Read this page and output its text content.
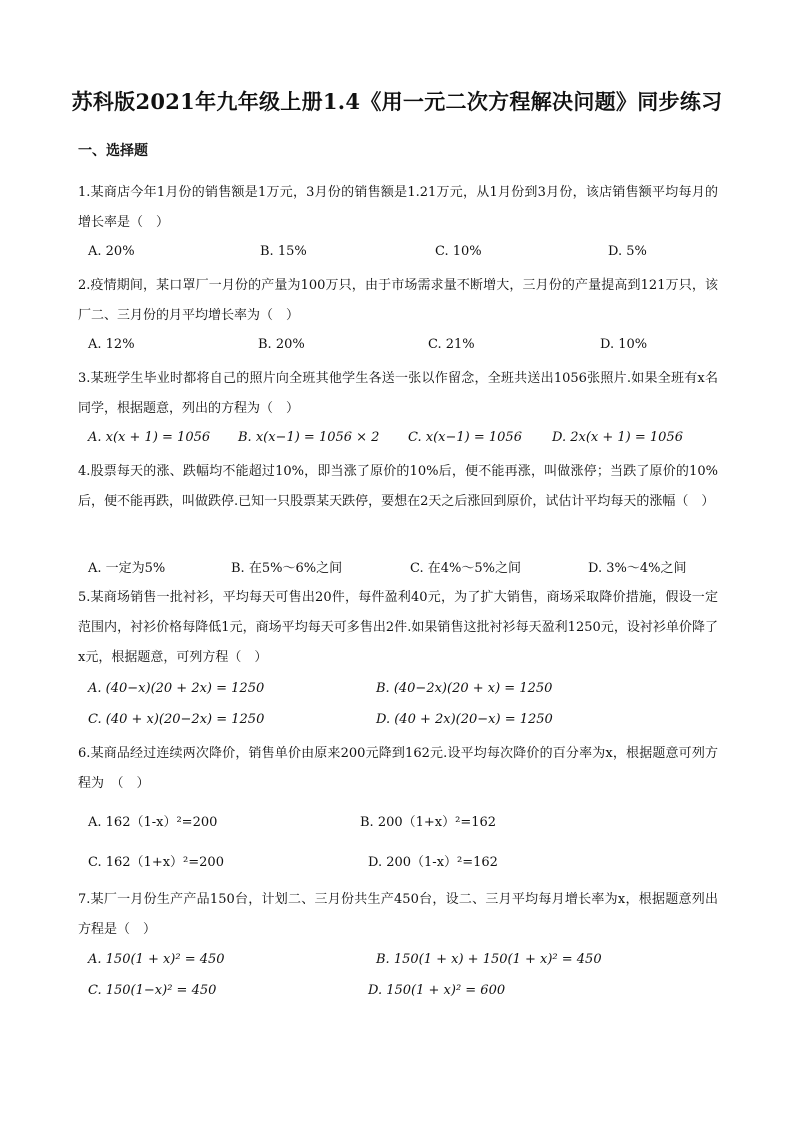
苏科版2021年九年级上册1.4《用一元二次方程解决问题》同步练习
一、选择题
1.某商店今年1月份的销售额是1万元，3月份的销售额是1.21万元，从1月份到3月份，该店销售额平均每月的增长率是（　）
A. 20%	B. 15%	C. 10%	D. 5%
2.疫情期间，某口罩厂一月份的产量为100万只，由于市场需求量不断增大，三月份的产量提高到121万只，该厂二、三月份的月平均增长率为（　）
A. 12%	B. 20%	C. 21%	D. 10%
3.某班学生毕业时都将自己的照片向全班其他学生各送一张以作留念，全班共送出1056张照片.如果全班有x名同学，根据题意，列出的方程为（　）
A. x(x + 1) = 1056 B. x(x−1) = 1056 × 2 C. x(x−1) = 1056 D. 2x(x + 1) = 1056
4.股票每天的涨、跌幅均不能超过10%，即当涨了原价的10%后，便不能再涨，叫做涨停；当跌了原价的10%后，便不能再跌，叫做跌停.已知一只股票某天跌停，要想在2天之后涨回到原价，试估计平均每天的涨幅（　）
A. 一定为5%	B. 在5%～6%之间	C. 在4%～5%之间	D. 3%～4%之间
5.某商场销售一批衬衫，平均每天可售出20件，每件盈利40元，为了扩大销售，商场采取降价措施，假设一定范围内，衬衫价格每降低1元，商场平均每天可多售出2件.如果销售这批衬衫每天盈利1250元，设衬衫单价降了x元，根据题意，可列方程（　）
A. (40−x)(20 + 2x) = 1250	B. (40−2x)(20 + x) = 1250
C. (40 + x)(20−2x) = 1250	D. (40 + 2x)(20−x) = 1250
6.某商品经过连续两次降价，销售单价由原来200元降到162元.设平均每次降价的百分率为x，根据题意可列方程为　（　）
A. 162（1-x）²=200	B. 200（1+x）²=162
C. 162（1+x）²=200	D. 200（1-x）²=162
7.某厂一月份生产产品150台，计划二、三月份共生产450台，设二、三月平均每月增长率为x，根据题意列出方程是（　）
A. 150(1 + x)² = 450	B. 150(1 + x) + 150(1 + x)² = 450
C. 150(1−x)² = 450	D. 150(1 + x)² = 600
